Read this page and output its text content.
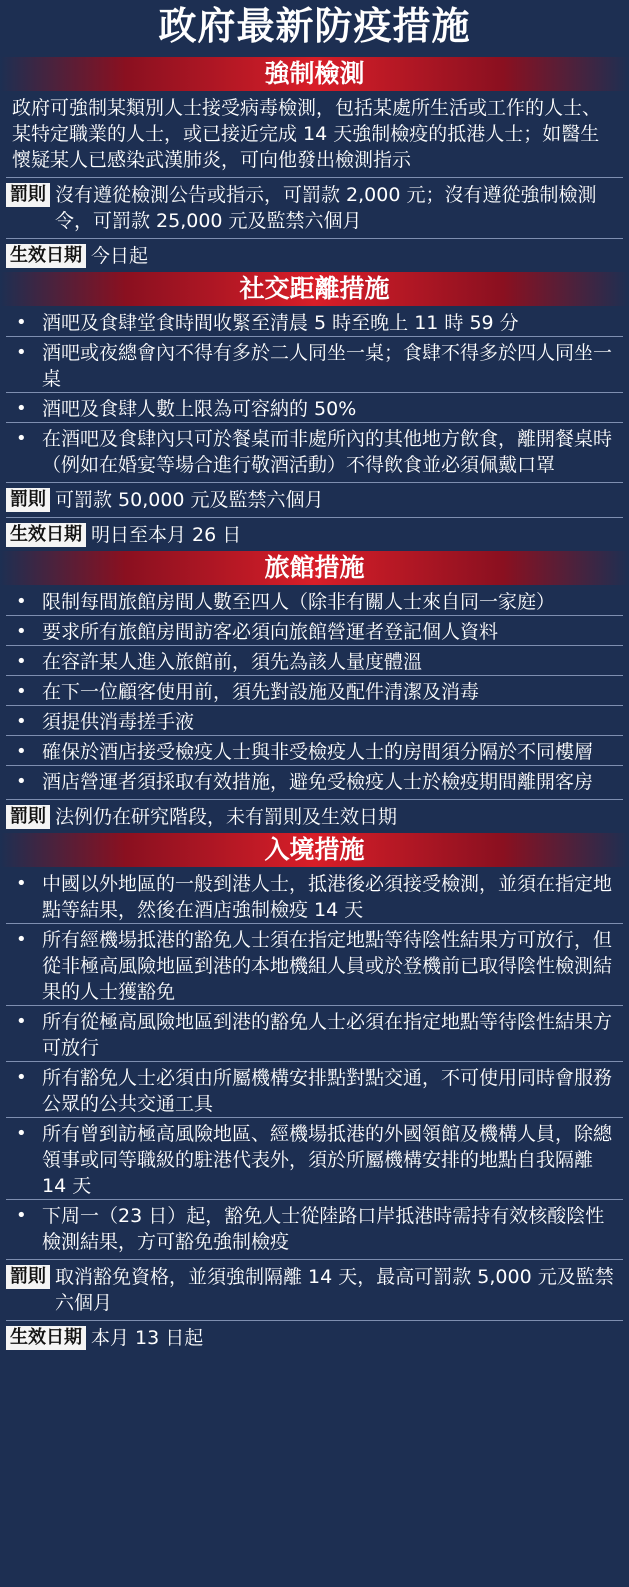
政府最新防疫措施
強制檢測
政府可強制某類別人士接受病毒檢測，包括某處所生活或工作的人士、某特定職業的人士，或已接近完成 14 天強制檢疫的抵港人士；如醫生懷疑某人已感染武漢肺炎，可向他發出檢測指示
罰則 沒有遵從檢測公告或指示，可罰款 2,000 元；沒有遵從強制檢測令，可罰款 25,000 元及監禁六個月
生效日期 今日起
社交距離措施
• 酒吧及食肆堂食時間收緊至清晨 5 時至晚上 11 時 59 分
• 酒吧或夜總會內不得有多於二人同坐一桌；食肆不得多於四人同坐一桌
• 酒吧及食肆人數上限為可容納的 50%
• 在酒吧及食肆內只可於餐桌而非處所內的其他地方飲食，離開餐桌時（例如在婚宴等場合進行敬酒活動）不得飲食並必須佩戴口罩
罰則 可罰款 50,000 元及監禁六個月
生效日期 明日至本月 26 日
旅館措施
• 限制每間旅館房間人數至四人（除非有關人士來自同一家庭）
• 要求所有旅館房間訪客必須向旅館營運者登記個人資料
• 在容許某人進入旅館前，須先為該人量度體溫
• 在下一位顧客使用前，須先對設施及配件清潔及消毒
• 須提供消毒搓手液
• 確保於酒店接受檢疫人士與非受檢疫人士的房間須分隔於不同樓層
• 酒店營運者須採取有效措施，避免受檢疫人士於檢疫期間離開客房
罰則 法例仍在研究階段，未有罰則及生效日期
入境措施
• 中國以外地區的一般到港人士，抵港後必須接受檢測，並須在指定地點等結果，然後在酒店強制檢疫 14 天
• 所有經機場抵港的豁免人士須在指定地點等待陰性結果方可放行，但從非極高風險地區到港的本地機組人員或於登機前已取得陰性檢測結果的人士獲豁免
• 所有從極高風險地區到港的豁免人士必須在指定地點等待陰性結果方可放行
• 所有豁免人士必須由所屬機構安排點對點交通，不可使用同時會服務公眾的公共交通工具
• 所有曾到訪極高風險地區、經機場抵港的外國領館及機構人員，除總領事或同等職級的駐港代表外，須於所屬機構安排的地點自我隔離 14 天
• 下周一（23 日）起，豁免人士從陸路口岸抵港時需持有效核酸陰性檢測結果，方可豁免強制檢疫
罰則 取消豁免資格，並須強制隔離 14 天，最高可罰款 5,000 元及監禁六個月
生效日期 本月 13 日起
